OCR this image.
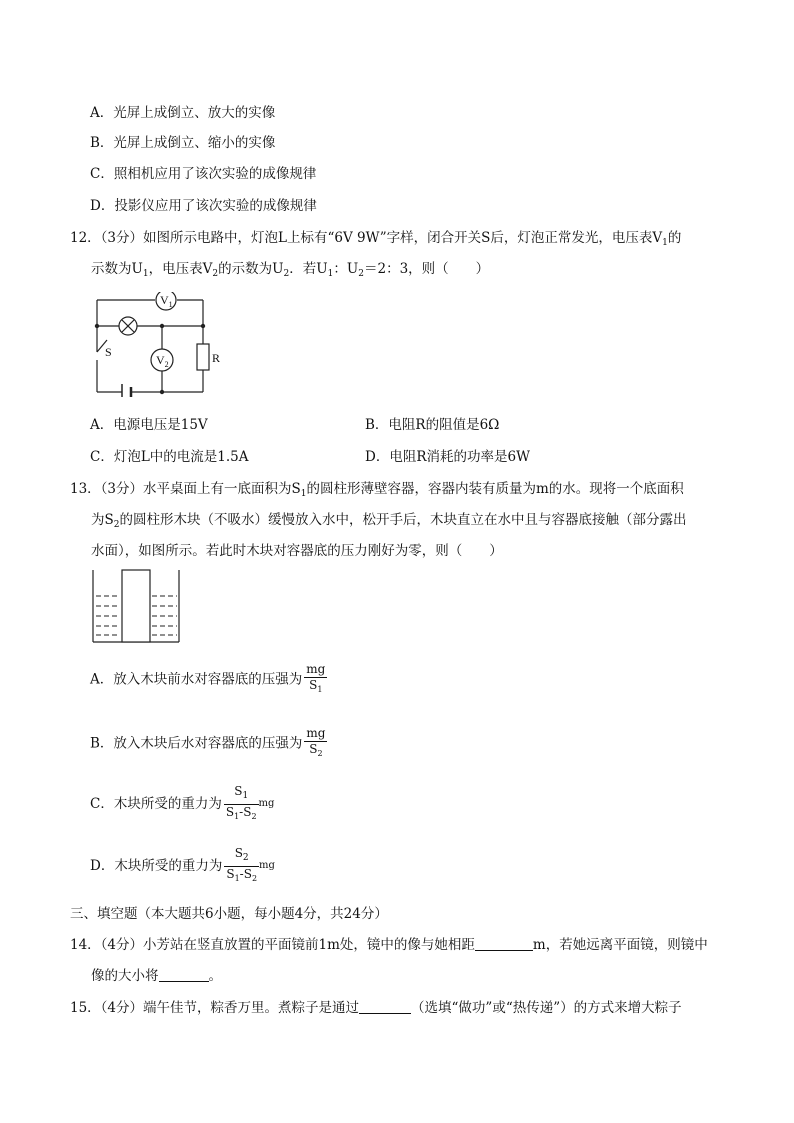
A．光屏上成倒立、放大的实像
B．光屏上成倒立、缩小的实像
C．照相机应用了该次实验的成像规律
D．投影仪应用了该次实验的成像规律
12．（3分）如图所示电路中，灯泡L上标有“6V 9W”字样，闭合开关S后，灯泡正常发光，电压表$V_1$的
示数为$U_1$，电压表$V_2$的示数为$U_2$．若$U_1$：$U_2=2$：3，则（　　）
$V_1$
$V_2$	R
S
A．电源电压是15V	B．电阻R的阻值是6Ω
C．灯泡L中的电流是1.5A	D．电阻R消耗的功率是6W
13．（3分）水平桌面上有一底面积为$S_1$的圆柱形薄壁容器，容器内装有质量为m的水。现将一个底面积
为$S_2$的圆柱形木块（不吸水）缓慢放入水中，松开手后，木块直立在水中且与容器底接触（部分露出
水面），如图所示。若此时木块对容器底的压力刚好为零，则（　　）
A．放入木块前水对容器底的压强为 $\frac{mg}{S_1}$
B．放入木块后水对容器底的压强为 $\frac{mg}{S_2}$
C．木块所受的重力为 $\frac{S_1}{S_1-S_2}$ mg
D．木块所受的重力为 $\frac{S_2}{S_1-S_2}$ mg
三、填空题（本大题共6小题，每小题4分，共24分）
14．（4分）小芳站在竖直放置的平面镜前1m处，镜中的像与她相距	m，若她远离平面镜，则镜中
像的大小将	。
15．（4分）端午佳节，粽香万里。煮粽子是通过	（选填“做功”或“热传递”）的方式来增大粽子
